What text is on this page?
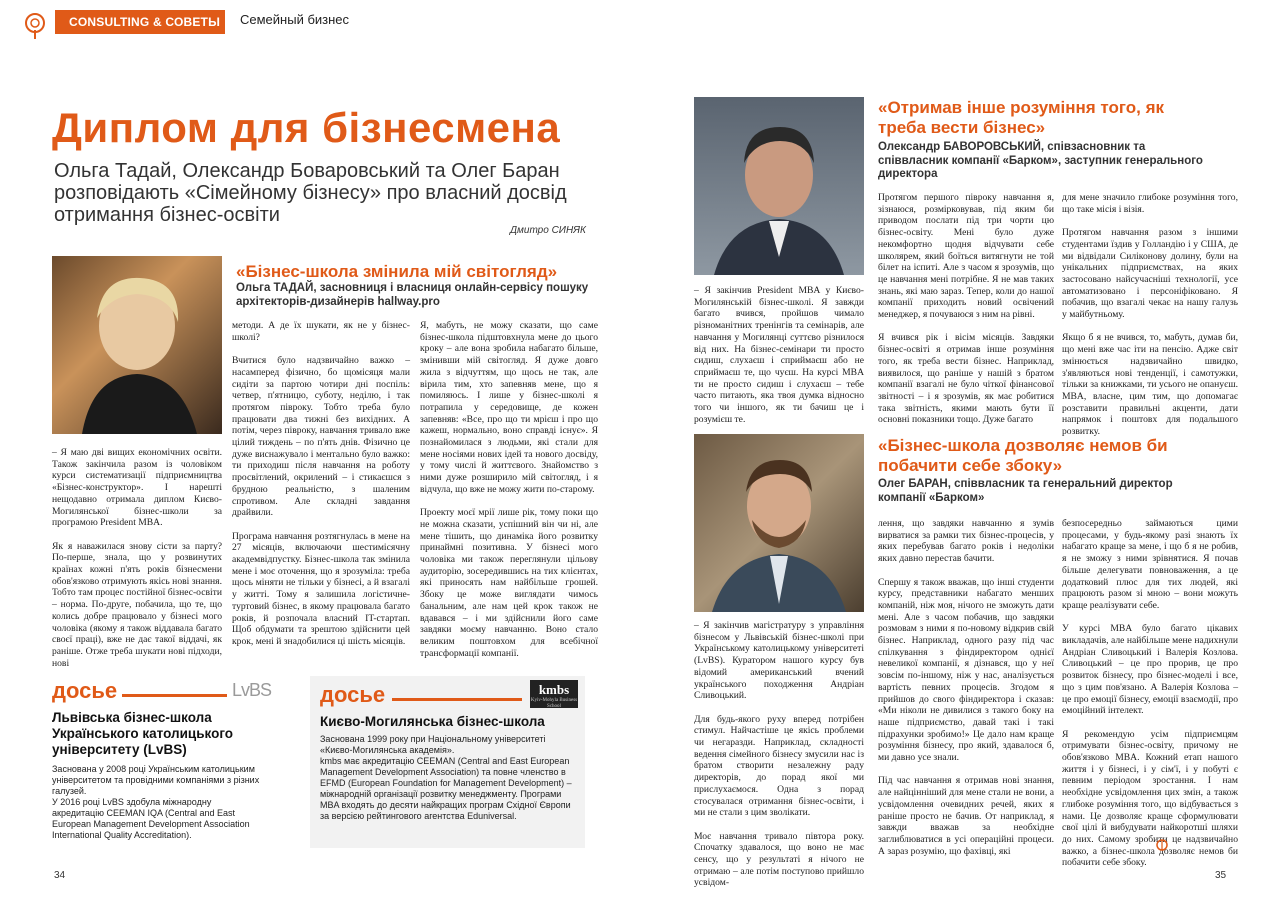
CONSULTING & СОВЕТЫ	Семейный бизнес
Диплом для бізнесмена
Ольга Тадай, Олександр Боваровський та Олег Баран розповідають «Сімейному бізнесу» про власний досвід отримання бізнес-освіти
Дмитро СИНЯК
«Бізнес-школа змінила мій світогляд»
Ольга ТАДАЙ, засновниця і власниця онлайн-сервісу пошуку архітекторів-дизайнерів hallway.pro

– Я маю дві вищих економічних освіти. Також закінчила разом із чоловіком курси систематизації підприємництва «Бізнес-конструктор». І нарешті нещодавно отримала диплом Києво-Могилянської бізнес-школи за програмою President MBA.

Як я наважилася знову сісти за парту? По-перше, знала, що у розвинутих країнах кожні п'ять років бізнесмени обов'язково отримують якісь нові знання. Тобто там процес постійної бізнес-освіти – норма. По-друге, побачила, що те, що колись добре працювало у бізнесі мого чоловіка (якому я також віддавала багато своєї праці), вже не дає такої віддачі, як раніше. Отже треба шукати нові підходи, нові

методи. А де їх шукати, як не у бізнес-школі?

Вчитися було надзвичайно важко – насамперед фізично, бо щомісяця мали сидіти за партою чотири дні поспіль: четвер, п'ятницю, суботу, неділю, і так протягом півроку. Тобто треба було працювати два тижні без вихідних. А потім, через півроку, навчання тривало вже цілий тиждень – по п'ять днів. Фізично це дуже виснажувало і ментально було важко: ти приходиш після навчання на роботу просвітлений, окрилений – і стикаєшся з брудною реальністю, з шаленим спротивом. Але складні завдання драйвили.

Програма навчання розтягнулась в мене на 27 місяців, включаючи шестимісячну академвідпустку. Бізнес-школа так змінила мене і моє оточення, що я зрозуміла: треба щось міняти не тільки у бізнесі, а й взагалі у житті. Тому я залишила логістичне-туртовий бізнес, в якому працювала багато років, й розпочала власний IT-стартап. Щоб обдумати та зрештою здійснити цей крок, мені й знадобилися ці шість місяців.

Я, мабуть, не можу сказати, що саме бізнес-школа підштовхнула мене до цього кроку – але вона зробила набагато більше, змінивши мій світогляд. Я дуже довго жила з відчуттям, що щось не так, але вірила тим, хто запевняв мене, що я помиляюсь. І лише у бізнес-школі я потрапила у середовище, де кожен запевняв: «Все, про що ти мрієш і про що кажеш, нормально, воно справді існує». Я познайомилася з людьми, які стали для мене носіями нових ідей та нового досвіду, у тому числі й життєвого. Знайомство з ними дуже розширило мій світогляд, і я відчула, що вже не можу жити по-старому.

Проекту моєї мрії лише рік, тому поки що не можна сказати, успішний він чи ні, але мене тішить, що динаміка його розвитку принаймні позитивна. У бізнесі мого чоловіка ми також переглянули цільову аудиторію, зосередившись на тих клієнтах, які приносять нам найбільше грошей. Збоку це може виглядати чимось банальним, але нам цей крок також не вдавався – і ми здійснили його саме завдяки моєму навчанню. Воно стало великим поштовхом для всебічної трансформації компанії.

досье	LvBS
Львівська бізнес-школа Українського католицького університету (LvBS)
Заснована у 2008 році Українським католицьким університетом та провідними компаніями з різних галузей.
У 2016 році LvBS здобула міжнародну акредитацію CEEMAN IQA (Central and East European Management Development Association International Quality Accreditation).
досье	kmbs
Kyiv-Mohyla Business School
Києво-Могилянська бізнес-школа
Заснована 1999 року при Національному університеті «Києво-Могилянська академія».
kmbs має акредитацію CEEMAN (Central and East European Management Development Association) та повне членство в EFMD (European Foundation for Management Development) – міжнародній організації розвитку менеджменту. Програми MBA входять до десяти найкращих програм Східної Європи за версією рейтингового агентства Eduniversal.
34
«Отримав інше розуміння того, як треба вести бізнес»
Олександр БАВОРОВСЬКИЙ, співзасновник та співвласник компанії «Барком», заступник генерального директора

– Я закінчив President MBA у Києво-Могилянській бізнес-школі. Я завжди багато вчився, пройшов чимало різноманітних тренінгів та семінарів, але навчання у Могилянці суттєво різнилося від них. На бізнес-семінари ти просто сидиш, слухаєш і сприймаєш або не сприймаєш те, що чуєш. На курсі MBA ти не просто сидиш і слухаєш – тебе часто питають, яка твоя думка відносно того чи іншого, як ти бачиш це і розумієш те.

Протягом першого півроку навчання я, зізнаюся, розмірковував, під яким би приводом послати під три чорти цю бізнес-освіту. Мені було дуже некомфортно щодня відчувати себе школярем, який боїться витягнути не той білет на іспиті. Але з часом я зрозумів, що це навчання мені потрібне. Я не мав таких знань, які маю зараз. Тепер, коли до нашої компанії приходить новий освічений менеджер, я почуваюся з ним на рівні.

Я вчився рік і вісім місяців. Завдяки бізнес-освіті я отримав інше розуміння того, як треба вести бізнес. Наприклад, виявилося, що раніше у нашій з братом компанії взагалі не було чіткої фінансової звітності – і я зрозумів, як має робитися така звітність, якими мають бути її основні показники тощо. Дуже багато

для мене значило глибоке розуміння того, що таке місія і візія.

Протягом навчання разом з іншими студентами їздив у Голландію і у США, де ми відвідали Силіконову долину, були на унікальних підприємствах, на яких застосовано найсучасніші технології, усе автоматизовано і персоніфіковано. Я побачив, що взагалі чекає на нашу галузь у майбутньому.

Якщо б я не вчився, то, мабуть, думав би, що мені вже час іти на пенсію. Адже світ змінюється надзвичайно швидко, з'являються нові тенденції, і самотужки, тільки за книжками, ти усього не опануєш. MBA, власне, цим тим, що допомагає розставити правильні акценти, дати напрямок і поштовх для подальшого розвитку.

«Бізнес-школа дозволяє немов би побачити себе збоку»
Олег БАРАН, співвласник та генеральний директор компанії «Барком»

– Я закінчив магістратуру з управління бізнесом у Львівській бізнес-школі при Українському католицькому університеті (LvBS). Куратором нашого курсу був відомий американський вчений українського походження Андріан Сливоцький.

Для будь-якого руху вперед потрібен стимул. Найчастіше це якісь проблеми чи негаразди. Наприклад, складності ведення сімейного бізнесу змусили нас із братом створити незалежну раду директорів, до порад якої ми прислухаємося. Одна з порад стосувалася отримання бізнес-освіти, і ми не стали з цим зволікати.

Моє навчання тривало півтора року. Спочатку здавалося, що воно не має сенсу, що у результаті я нічого не отримаю – але потім поступово прийшло усвідом-

лення, що завдяки навчанню я зумів вирватися за рамки тих бізнес-процесів, у яких перебував багато років і недоліки яких давно перестав бачити.

Спершу я також вважав, що інші студенти курсу, представники набагато менших компаній, ніж моя, нічого не зможуть дати мені. Але з часом побачив, що завдяки розмовам з ними я по-новому відкрив свій бізнес. Наприклад, одного разу під час спілкування з фіндиректором однієї невеликої компанії, я дізнався, що у неї зовсім по-іншому, ніж у нас, аналізується вартість певних процесів. Згодом я прийшов до свого фіндиректора і сказав: «Ми ніколи не дивилися з такого боку на наше підприємство, давай такі і такі підрахунки зробимо!» Це дало нам краще розуміння бізнесу, про який, здавалося б, ми давно усе знали.

Під час навчання я отримав нові знання, але найцінніший для мене стали не вони, а усвідомлення очевидних речей, яких я раніше просто не бачив. От наприклад, я завжди вважав за необхідне заглиблюватися в усі операційні процеси. А зараз розумію, що фахівці, які

безпосередньо займаються цими процесами, у будь-якому разі знають їх набагато краще за мене, і що б я не робив, я не зможу з ними зрівнятися. Я почав більше делегувати повноваження, а це додатковий плюс для тих людей, які працюють разом зі мною – вони можуть краще реалізувати себе.

У курсі MBA було багато цікавих викладачів, але найбільше мене надихнули Андріан Сливоцький і Валерія Козлова. Сливоцький – це про прорив, це про розвиток бізнесу, про бізнес-моделі і все, що з цим пов'язано. А Валерія Козлова – це про емоції бізнесу, емоції взаємодії, про емоційний інтелект.

Я рекомендую усім підприємцям отримувати бізнес-освіту, причому не обов'язково MBA. Кожний етап нашого життя і у бізнесі, і у сім'ї, і у побуті є певним періодом зростання. І нам необхідне усвідомлення цих змін, а також глибоке розуміння того, що відбувається з нами. Це дозволяє краще сформулювати свої цілі й вибудувати найкоротші шляхи до них. Самому зробити це надзвичайно важко, а бізнес-школа дозволяє немов би побачити себе збоку.

35
